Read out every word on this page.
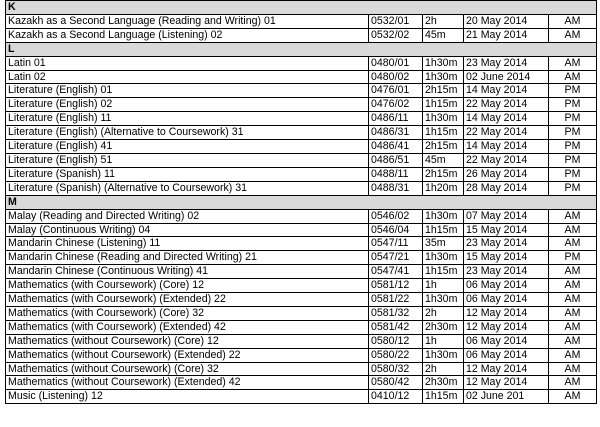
K				
Kazakh as a Second Language (Reading and Writing) 01	0532/01	2h	20 May 2014	AM
Kazakh as a Second Language (Listening) 02	0532/02	45m	21 May 2014	AM
L				
Latin 01	0480/01	1h30m	23 May 2014	AM
Latin 02	0480/02	1h30m	02 June 2014	AM
Literature (English) 01	0476/01	2h15m	14 May 2014	PM
Literature (English) 02	0476/02	1h15m	22 May 2014	PM
Literature (English) 11	0486/11	1h30m	14 May 2014	PM
Literature (English) (Alternative to Coursework) 31	0486/31	1h15m	22 May 2014	PM
Literature (English) 41	0486/41	2h15m	14 May 2014	PM
Literature (English) 51	0486/51	45m	22 May 2014	PM
Literature (Spanish) 11	0488/11	2h15m	26 May 2014	PM
Literature (Spanish) (Alternative to Coursework) 31	0488/31	1h20m	28 May 2014	PM
M				
Malay (Reading and Directed Writing) 02	0546/02	1h30m	07 May 2014	AM
Malay (Continuous Writing) 04	0546/04	1h15m	15 May 2014	AM
Mandarin Chinese (Listening) 11	0547/11	35m	23 May 2014	AM
Mandarin Chinese (Reading and Directed Writing) 21	0547/21	1h30m	15 May 2014	PM
Mandarin Chinese (Continuous Writing) 41	0547/41	1h15m	23 May 2014	AM
Mathematics (with Coursework) (Core) 12	0581/12	1h	06 May 2014	AM
Mathematics (with Coursework) (Extended) 22	0581/22	1h30m	06 May 2014	AM
Mathematics (with Coursework) (Core) 32	0581/32	2h	12 May 2014	AM
Mathematics (with Coursework) (Extended) 42	0581/42	2h30m	12 May 2014	AM
Mathematics (without Coursework) (Core) 12	0580/12	1h	06 May 2014	AM
Mathematics (without Coursework) (Extended) 22	0580/22	1h30m	06 May 2014	AM
Mathematics (without Coursework) (Core) 32	0580/32	2h	12 May 2014	AM
Mathematics (without Coursework) (Extended) 42	0580/42	2h30m	12 May 2014	AM
Music (Listening) 12	0410/12	1h15m	02 June 201	AM
